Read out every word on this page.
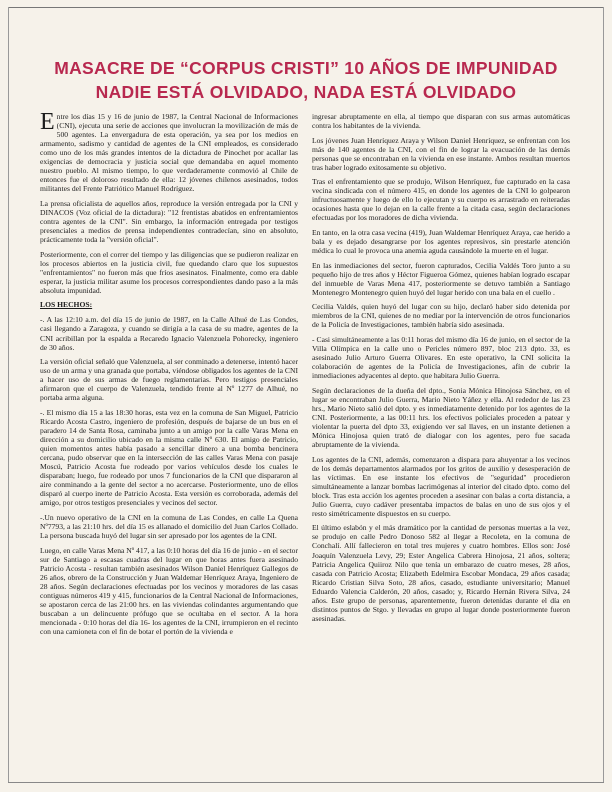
MASACRE DE “CORPUS CRISTI” 10 AÑOS DE IMPUNIDAD
NADIE ESTÁ OLVIDADO, NADA ESTÁ OLVIDADO

Entre los días 15 y 16 de junio de 1987, la Central Nacional de Informaciones (CNI), ejecuta una serie de acciones que involucran la movilización de más de 500 agentes. La envergadura de esta operación, ya sea por los medios en armamento, sadismo y cantidad de agentes de la CNI empleados, es considerado como uno de los más grandes intentos de la dictadura de Pinochet por acallar las exigencias de democracia y justicia social que demandaba en aquel momento nuestro pueblo. Al mismo tiempo, lo que verdaderamente conmovió al Chile de entonces fue el doloroso resultado de ella: 12 jóvenes chilenos asesinados, todos militantes del Frente Patriótico Manuel Rodríguez.

La prensa oficialista de aquellos años, reproduce la versión entregada por la CNI y DINACOS (Voz oficial de la dictadura): "12 frentistas abatidos en enfrentamientos contra agentes de la CNI". Sin embargo, la información entregada por testigos presenciales a medios de prensa independientes contradecían, sino en absoluto, prácticamente toda la "versión oficial".

Posteriormente, con el correr del tiempo y las diligencias que se pudieron realizar en los procesos abiertos en la justicia civil, fue quedando claro que los supuestos "enfrentamientos" no fueron más que fríos asesinatos. Finalmente, como era dable esperar, la justicia militar asume los procesos correspondientes dando paso a la más absoluta impunidad.

LOS HECHOS:

-. A las 12:10 a.m. del día 15 de junio de 1987, en la Calle Alhué de Las Condes, casi llegando a Zaragoza, y cuando se dirigía a la casa de su madre, agentes de la CNI acribillan por la espalda a Recaredo Ignacio Valenzuela Pohorecky, ingeniero de 30 años.

La versión oficial señaló que Valenzuela, al ser conminado a detenerse, intentó hacer uso de un arma y una granada que portaba, viéndose obligados los agentes de la CNI a hacer uso de sus armas de fuego reglamentarias. Pero testigos presenciales afirmaron que el cuerpo de Valenzuela, tendido frente al Nº 1277 de Alhué, no portaba arma alguna.

-. El mismo día 15 a las 18:30 horas, esta vez en la comuna de San Miguel, Patricio Ricardo Acosta Castro, ingeniero de profesión, después de bajarse de un bus en el paradero 14 de Santa Rosa, caminaba junto a un amigo por la calle Varas Mena en dirección a su domicilio ubicado en la misma calle Nº 630. El amigo de Patricio, quien momentos antes había pasado a sencillar dinero a una bomba bencinera cercana, pudo observar que en la intersección de las calles Varas Mena con pasaje Moscú, Patricio Acosta fue rodeado por varios vehículos desde los cuales le disparaban; luego, fue rodeado por unos 7 funcionarios de la CNI que dispararon al aire conminando a la gente del sector a no acercarse. Posteriormente, uno de ellos disparó al cuerpo inerte de Patricio Acosta. Esta versión es corroborada, además del amigo, por otros testigos presenciales y vecinos del sector.

-.Un nuevo operativo de la CNI en la comuna de Las Condes, en calle La Quena Nº7793, a las 21:10 hrs. del día 15 es allanado el domicilio del Juan Carlos Collado. La persona buscada huyó del lugar sin ser apresado por los agentes de la CNI.

Luego, en calle Varas Mena Nº 417, a las 0:10 horas del día 16 de junio - en el sector sur de Santiago a escasas cuadras del lugar en que horas antes fuera asesinado Patricio Acosta - resultan también asesinados Wilson Daniel Henríquez Gallegos de 26 años, obrero de la Construcción y Juan Waldemar Henríquez Araya, Ingeniero de 28 años. Según declaraciones efectuadas por los vecinos y moradores de las casas contiguas números 419 y 415, funcionarios de la Central Nacional de Informaciones, se apostaron cerca de las 21:00 hrs. en las viviendas colindantes argumentando que buscaban a un delincuente prófugo que se ocultaba en el sector. A la hora mencionada - 0:10 horas del día 16- los agentes de la CNI, irrumpieron en el recinto con una camioneta con el fin de botar el portón de la vivienda e

ingresar abruptamente en ella, al tiempo que disparan con sus armas automáticas contra los habitantes de la vivienda.

Los jóvenes Juan Henríquez Araya y Wilson Daniel Henríquez, se enfrentan con los más de 140 agentes de la CNI, con el fin de lograr la evacuación de las demás personas que se encontraban en la vivienda en ese instante. Ambos resultan muertos tras haber logrado exitosamente su objetivo.

Tras el enfrentamiento que se produjo, Wilson Henríquez, fue capturado en la casa vecina sindicada con el número 415, en donde los agentes de la CNI lo golpearon infructuosamente y luego de ello lo ejecutan y su cuerpo es arrastrado en reiteradas ocasiones hasta que lo dejan en la calle frente a la citada casa, según declaraciones efectuadas por los moradores de dicha vivienda.

En tanto, en la otra casa vecina (419), Juan Waldemar Henríquez Araya, cae herido a bala y es dejado desangrarse por los agentes represivos, sin prestarle atención médica lo cual le provoca una anemia aguda causándole la muerte en el lugar.

En las inmediaciones del sector, fueron capturados, Cecilia Valdés Toro junto a su pequeño hijo de tres años y Héctor Figueroa Gómez, quienes habían logrado escapar del inmueble de Varas Mena 417, posteriormente se detuvo también a Santiago Montenegro Montenegro quien huyó del lugar herido con una bala en el cuello .

Cecilia Valdés, quien huyó del lugar con su hijo, declaró haber sido detenida por miembros de la CNI, quienes de no mediar por la intervención de otros funcionarios de la Policía de Investigaciones, también habría sido asesinada.

- Casi simultáneamente a las 0:11 horas del mismo día 16 de junio, en el sector de la Villa Olímpica en la calle uno o Pericles número 897, bloc 213 dpto. 33, es asesinado Julio Arturo Guerra Olivares. En este operativo, la CNI solicita la colaboración de agentes de la Policía de Investigaciones, afín de cubrir la inmediaciones adyacentes al depto. que habitara Julio Guerra.

Según declaraciones de la dueña del dpto., Sonia Mónica Hinojosa Sánchez, en el lugar se encontraban Julio Guerra, Mario Nieto Yáñez y ella. Al rededor de las 23 hrs., Mario Nieto salió del dpto. y es inmediatamente detenido por los agentes de la CNI. Posteriormente, a las 00:11 hrs. los efectivos policiales proceden a patear y violentar la puerta del dpto 33, exigiendo ver sal llaves, en un instante detienen a Mónica Hinojosa quien trató de dialogar con los agentes, pero fue sacada abruptamente de la vivienda.

Los agentes de la CNI, además, comenzaron a dispara para ahuyentar a los vecinos de los demás departamentos alarmados por los gritos de auxilio y desesperación de las víctimas. En ese instante los efectivos de "seguridad" procedieron simultáneamente a lanzar bombas lacrimógenas al interior del citado dpto. como del block. Tras esta acción los agentes proceden a asesinar con balas a corta distancia, a Julio Guerra, cuyo cadáver presentaba impactos de balas en uno de sus ojos y el resto simétricamente dispuestos en su cuerpo.

El último eslabón y el más dramático por la cantidad de personas muertas a la vez, se produjo en calle Pedro Donoso 582 al llegar a Recoleta, en la comuna de Conchalí. Allí fallecieron en total tres mujeres y cuatro hombres. Ellos son: José Joaquín Valenzuela Levy, 29; Ester Angelica Cabrera Hinojosa, 21 años, soltera; Patricia Angelica Quiiroz Nilo que tenía un embarazo de cuatro meses, 28 años, casada con Patricio Acosta; Elizabeth Edelmira Escobar Mondaca, 29 años casada; Ricardo Cristian Silva Soto, 28 años, casado, estudiante universitario; Manuel Eduardo Valencia Calderón, 20 años, casado; y, Ricardo Hernán Rivera Silva, 24 años. Este grupo de personas, aparentemente, fueron detenidas durante el día en distintos puntos de Stgo. y llevadas en grupo al lugar donde posteriormente fueron asesinadas.
